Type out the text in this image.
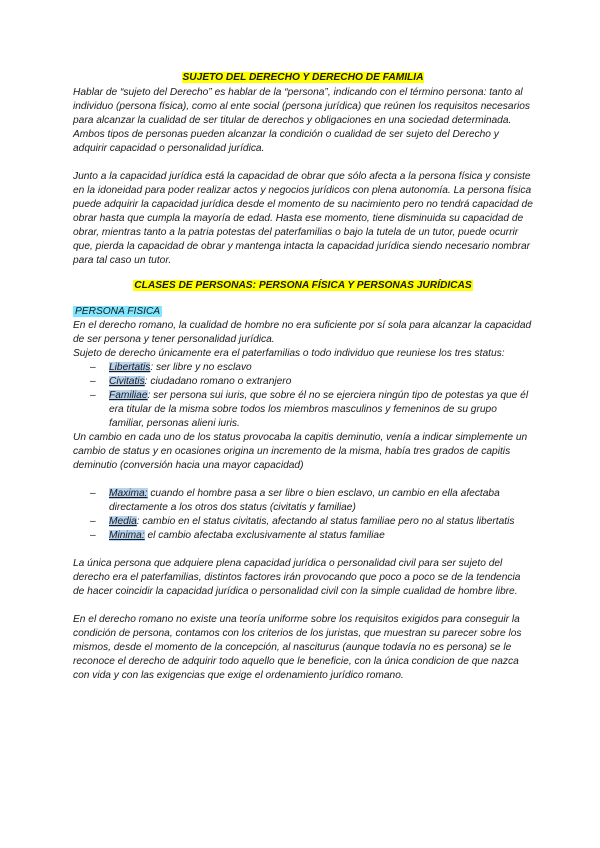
SUJETO DEL DERECHO Y DERECHO DE FAMILIA

Hablar de “sujeto del Derecho” es hablar de la “persona”, indicando con el término persona: tanto al individuo (persona física), como al ente social (persona jurídica) que reúnen los requisitos necesarios para alcanzar la cualidad de ser titular de derechos y obligaciones en una sociedad determinada. Ambos tipos de personas pueden alcanzar la condición o cualidad de ser sujeto del Derecho y adquirir capacidad o personalidad jurídica.

Junto a la capacidad jurídica está la capacidad de obrar que sólo afecta a la persona física y consiste en la idoneidad para poder realizar actos y negocios jurídicos con plena autonomía. La persona física puede adquirir la capacidad jurídica desde el momento de su nacimiento pero no tendrá capacidad de obrar hasta que cumpla la mayoría de edad. Hasta ese momento, tiene disminuida su capacidad de obrar, mientras tanto a la patria potestas del paterfamilias o bajo la tutela de un tutor, puede ocurrir que, pierda la capacidad de obrar y mantenga intacta la capacidad jurídica siendo necesario nombrar para tal caso un tutor.

CLASES DE PERSONAS: PERSONA FÍSICA Y PERSONAS JURÍDICAS
PERSONA FISICA

En el derecho romano, la cualidad de hombre no era suficiente por sí sola para alcanzar la capacidad de ser persona y tener personalidad jurídica.

Sujeto de derecho únicamente era el paterfamilias o todo individuo que reuniese los tres status:

– Libertatis: ser libre y no esclavo
– Civitatis: ciudadano romano o extranjero
– Familiae: ser persona sui iuris, que sobre él no se ejerciera ningún tipo de potestas ya que él era titular de la misma sobre todos los miembros masculinos y femeninos de su grupo familiar, personas alieni iuris.

Un cambio en cada uno de los status provocaba la capitis deminutio, venía a indicar simplemente un cambio de status y en ocasiones origina un incremento de la misma, había tres grados de capitis deminutio (conversión hacia una mayor capacidad)

– Maxima: cuando el hombre pasa a ser libre o bien esclavo, un cambio en ella afectaba directamente a los otros dos status (civitatis y familiae)
– Media: cambio en el status civitatis, afectando al status familiae pero no al status libertatis
– Minima: el cambio afectaba exclusivamente al status familiae

La única persona que adquiere plena capacidad jurídica o personalidad civil para ser sujeto del derecho era el paterfamilias, distintos factores irán provocando que poco a poco se de la tendencia de hacer coincidir la capacidad jurídica o personalidad civil con la simple cualidad de hombre libre.

En el derecho romano no existe una teoría uniforme sobre los requisitos exigidos para conseguir la condición de persona, contamos con los criterios de los juristas, que muestran su parecer sobre los mismos, desde el momento de la concepción, al nasciturus (aunque todavía no es persona) se le reconoce el derecho de adquirir todo aquello que le beneficie, con la única condicion de que nazca con vida y con las exigencias que exige el ordenamiento jurídico romano.
